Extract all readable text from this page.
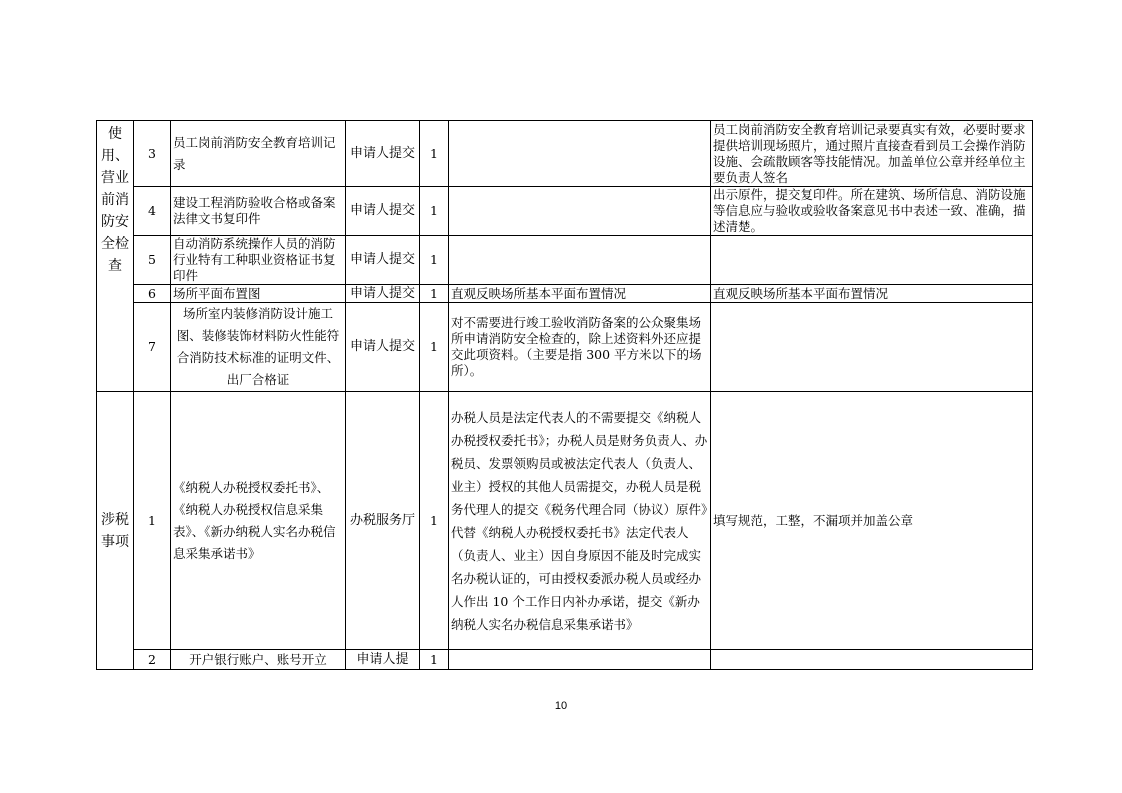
使用、营业前消防安全检查	3	员工岗前消防安全教育培训记录	申请人提交	1		员工岗前消防安全教育培训记录要真实有效，必要时要求提供培训现场照片，通过照片直接查看到员工会操作消防设施、会疏散顾客等技能情况。加盖单位公章并经单位主要负责人签名
	4	建设工程消防验收合格或备案法律文书复印件	申请人提交	1		出示原件，提交复印件。所在建筑、场所信息、消防设施等信息应与验收或验收备案意见书中表述一致、准确，描述清楚。
	5	自动消防系统操作人员的消防行业特有工种职业资格证书复印件	申请人提交	1		
	6	场所平面布置图	申请人提交	1	直观反映场所基本平面布置情况	直观反映场所基本平面布置情况
	7	场所室内装修消防设计施工图、装修装饰材料防火性能符合消防技术标准的证明文件、出厂合格证	申请人提交	1	对不需要进行竣工验收消防备案的公众聚集场所申请消防安全检查的，除上述资料外还应提交此项资料。（主要是指 300 平方米以下的场所）。	
涉税事项	1	《纳税人办税授权委托书》、《纳税人办税授权信息采集表》、《新办纳税人实名办税信息采集承诺书》	办税服务厅	1	办税人员是法定代表人的不需要提交《纳税人办税授权委托书》；办税人员是财务负责人、办税员、发票领购员或被法定代表人（负责人、业主）授权的其他人员需提交，办税人员是税务代理人的提交《税务代理合同（协议）原件》代替《纳税人办税授权委托书》法定代表人（负责人、业主）因自身原因不能及时完成实名办税认证的，可由授权委派办税人员或经办人作出 10 个工作日内补办承诺，提交《新办纳税人实名办税信息采集承诺书》	填写规范，工整，不漏项并加盖公章
	2	开户银行账户、账号开立	申请人提	1		
10
